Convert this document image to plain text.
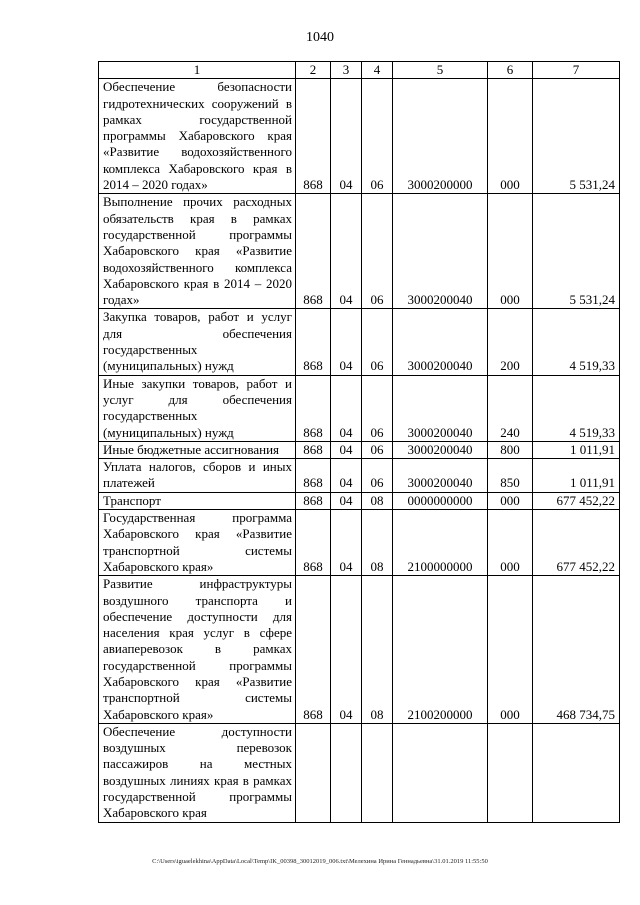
1040
1	2	3	4	5	6	7
Обеспечение безопасности гидротехнических сооружений в рамках государственной программы Хабаровского края «Развитие водохозяйственного комплекса Хабаровского края в 2014 – 2020 годах»	868	04	06	3000200000	000	5 531,24
Выполнение прочих расходных обязательств края в рамках государственной программы Хабаровского края «Развитие водохозяйственного комплекса Хабаровского края в 2014 – 2020 годах»	868	04	06	3000200040	000	5 531,24
Закупка товаров, работ и услуг для обеспечения государственных (муниципальных) нужд	868	04	06	3000200040	200	4 519,33
Иные закупки товаров, работ и услуг для обеспечения государственных (муниципальных) нужд	868	04	06	3000200040	240	4 519,33
Иные бюджетные ассигнования	868	04	06	3000200040	800	1 011,91
Уплата налогов, сборов и иных платежей	868	04	06	3000200040	850	1 011,91
Транспорт	868	04	08	0000000000	000	677 452,22
Государственная программа Хабаровского края «Развитие транспортной системы Хабаровского края»	868	04	08	2100000000	000	677 452,22
Развитие инфраструктуры воздушного транспорта и обеспечение доступности для населения края услуг в сфере авиаперевозок в рамках государственной программы Хабаровского края «Развитие транспортной системы Хабаровского края»	868	04	08	2100200000	000	468 734,75
Обеспечение доступности воздушных перевозок пассажиров на местных воздушных линиях края в рамках государственной программы Хабаровского края						
C:\Users\iguaelekhina\AppData\Local\Temp\IK_00398_30012019_006.txt\Мелехина Ирина Геннадьевна\31.01.2019 11:55:50
